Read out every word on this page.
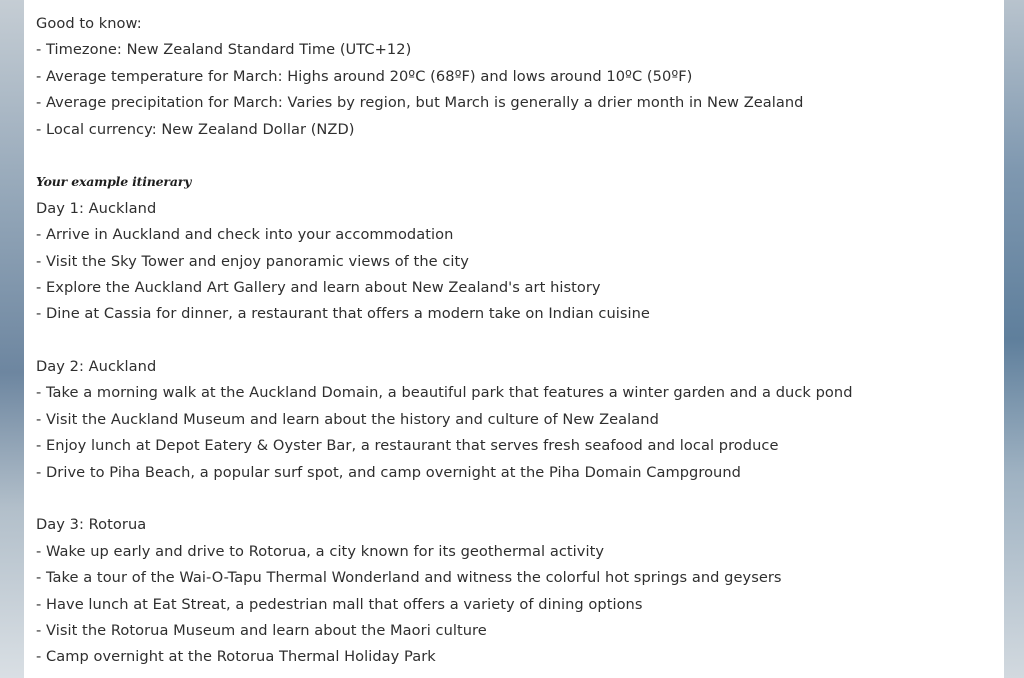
Good to know:
- Timezone: New Zealand Standard Time (UTC+12)
- Average temperature for March: Highs around 20ºC (68ºF) and lows around 10ºC (50ºF)
- Average precipitation for March: Varies by region, but March is generally a drier month in New Zealand
- Local currency: New Zealand Dollar (NZD)
Your example itinerary
Day 1: Auckland
- Arrive in Auckland and check into your accommodation
- Visit the Sky Tower and enjoy panoramic views of the city
- Explore the Auckland Art Gallery and learn about New Zealand's art history
- Dine at Cassia for dinner, a restaurant that offers a modern take on Indian cuisine
Day 2: Auckland
- Take a morning walk at the Auckland Domain, a beautiful park that features a winter garden and a duck pond
- Visit the Auckland Museum and learn about the history and culture of New Zealand
- Enjoy lunch at Depot Eatery & Oyster Bar, a restaurant that serves fresh seafood and local produce
- Drive to Piha Beach, a popular surf spot, and camp overnight at the Piha Domain Campground
Day 3: Rotorua
- Wake up early and drive to Rotorua, a city known for its geothermal activity
- Take a tour of the Wai-O-Tapu Thermal Wonderland and witness the colorful hot springs and geysers
- Have lunch at Eat Streat, a pedestrian mall that offers a variety of dining options
- Visit the Rotorua Museum and learn about the Maori culture
- Camp overnight at the Rotorua Thermal Holiday Park
